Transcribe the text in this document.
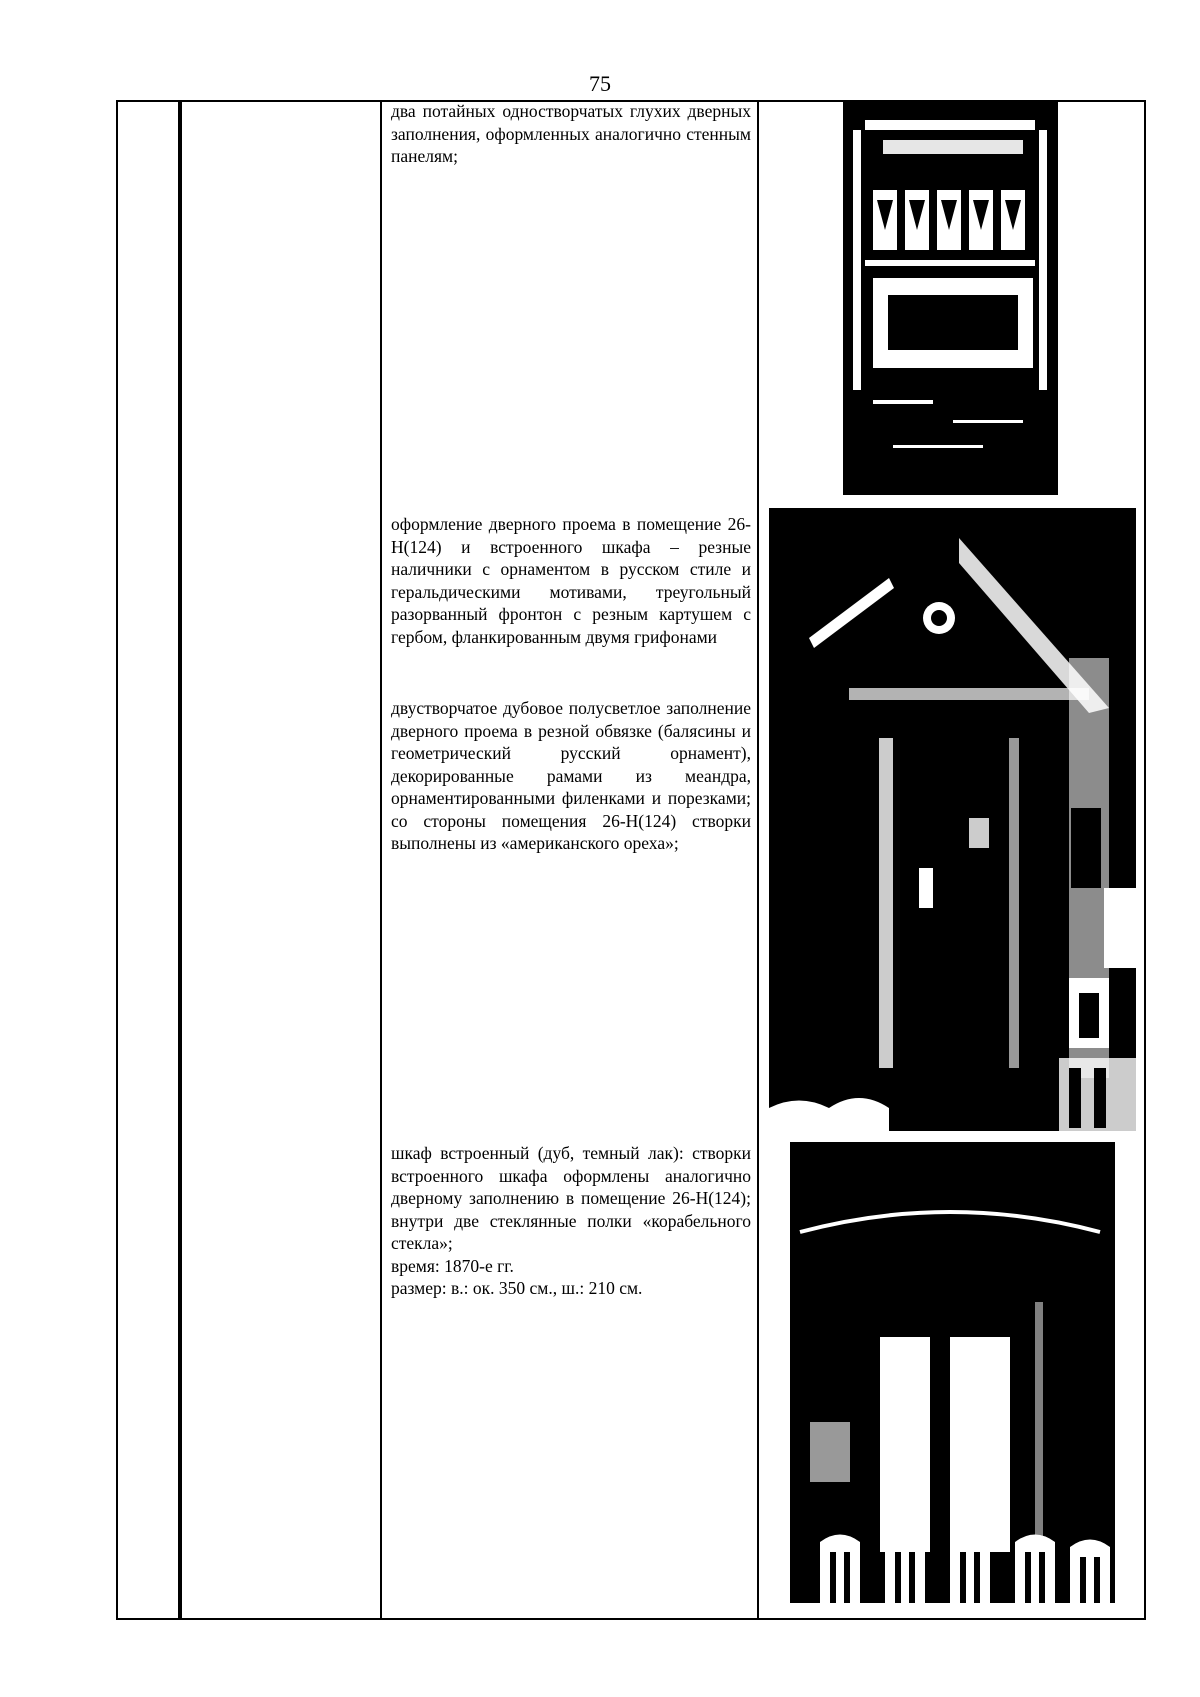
75

два потайных одностворчатых глухих дверных заполнения, оформленных аналогично стенным панелям;

оформление дверного проема в помещение 26-Н(124) и встроенного шкафа – резные наличники с орнаментом в русском стиле и геральдическими мотивами, треугольный разорванный фронтон с резным картушем с гербом, фланкированным двумя грифонами

двустворчатое дубовое полусветлое заполнение дверного проема в резной обвязке (балясины и геометрический русский орнамент), декорированные рамами из меандра, орнаментированными филенками и порезками; со стороны помещения 26-Н(124) створки выполнены из «американского ореха»;

шкаф встроенный (дуб, темный лак): створки встроенного шкафа оформлены аналогично дверному заполнению в помещение 26-Н(124); внутри две стеклянные полки «корабельного стекла»;

время: 1870-е гг.

размер: в.: ок. 350 см., ш.: 210 см.
